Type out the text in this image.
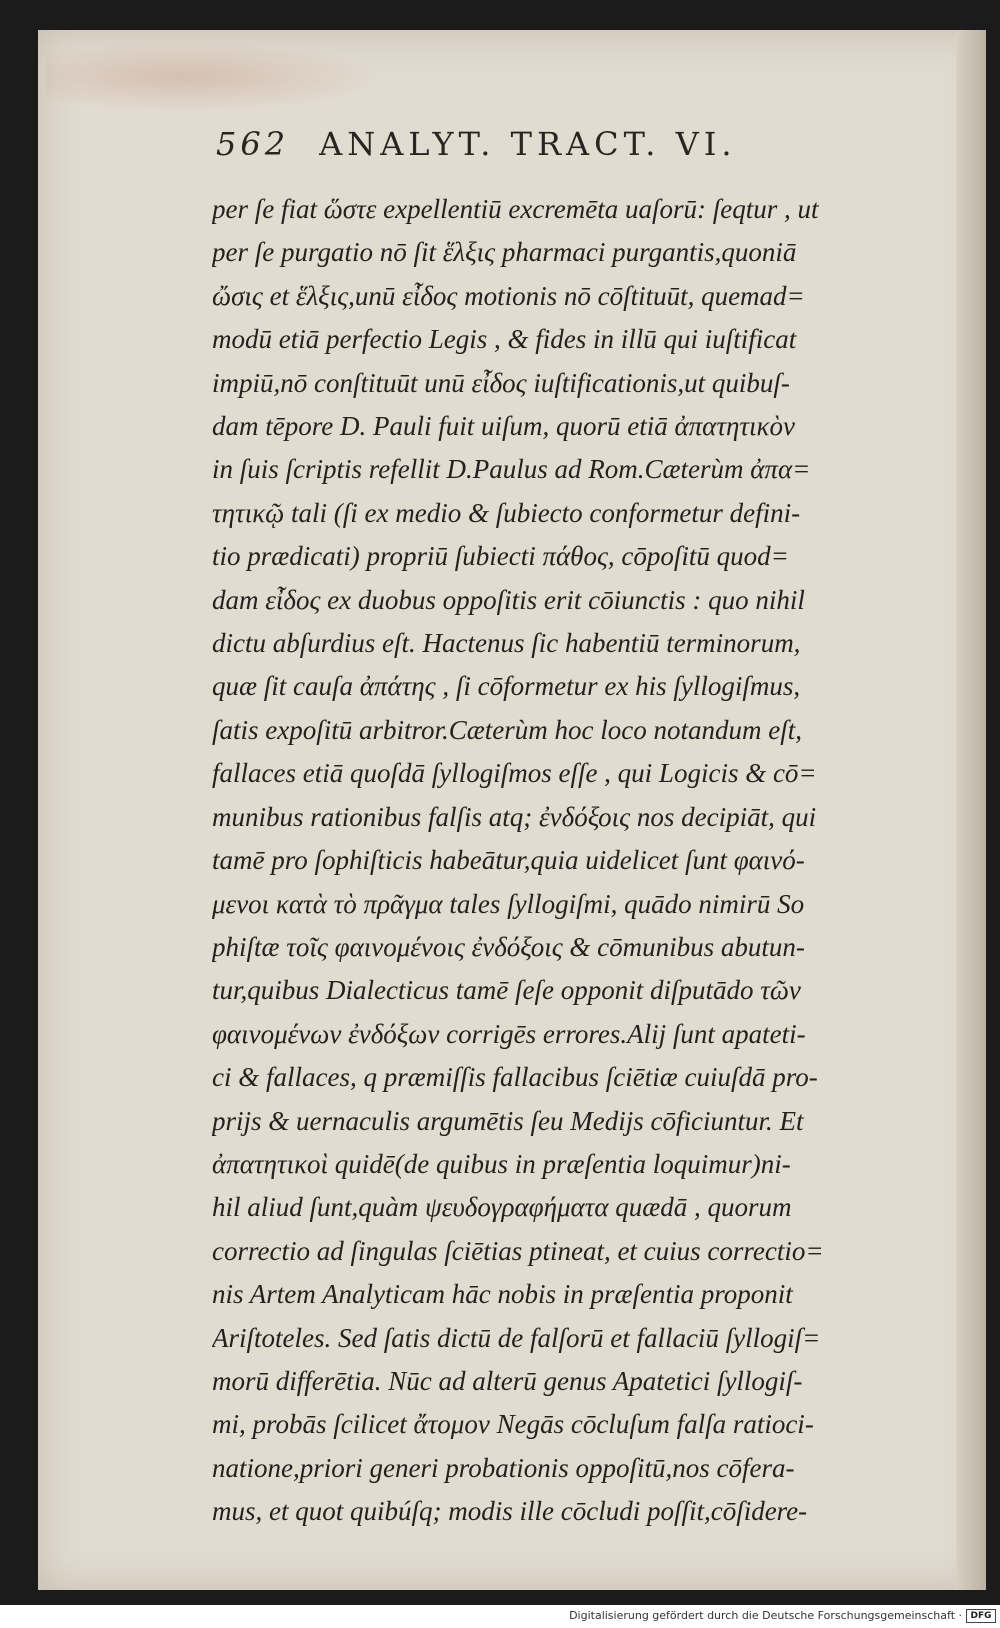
562 ANALYT. TRACT. VI.
per ſe fiat ὥστε expellentiū excremēta uaſorū: ſeqtur , ut
per ſe purgatio nō ſit ἕλξις pharmaci purgantis,quoniā
ὤσις et ἕλξις,unū εἶδος motionis nō cōſtituūt, quemad=
modū etiā perfectio Legis , & fides in illū qui iuſtificat
impiū,nō conſtituūt unū εἶδος iuſtificationis,ut quibuſ-
dam tēpore D. Pauli fuit uiſum, quorū etiā ἀπατητικὸν
in ſuis ſcriptis refellit D.Paulus ad Rom.Cæterùm ἀπα=
τητικῷ tali (ſi ex medio & ſubiecto conformetur defini-
tio prædicati) propriū ſubiecti πάθος, cōpoſitū quod=
dam εἶδος ex duobus oppoſitis erit cōiunctis : quo nihil
dictu abſurdius eſt. Hactenus ſic habentiū terminorum,
quæ ſit cauſa ἀπάτης , ſi cōformetur ex his ſyllogiſmus,
ſatis expoſitū arbitror.Cæterùm hoc loco notandum eſt,
fallaces etiā quoſdā ſyllogiſmos eſſe , qui Logicis & cō=
munibus rationibus falſis atq; ἐνδόξοις nos decipiāt, qui
tamē pro ſophiſticis habeātur,quia uidelicet ſunt φαινό-
μενοι κατὰ τὸ πρᾶγμα tales ſyllogiſmi, quādo nimirū So
phiſtæ τοῖς φαινομένοις ἐνδόξοις & cōmunibus abutun-
tur,quibus Dialecticus tamē ſeſe opponit diſputādo τῶν
φαινομένων ἐνδόξων corrigēs errores.Alij ſunt apateti-
ci & fallaces, q præmiſſis fallacibus ſciētiæ cuiuſdā pro-
prijs & uernaculis argumētis ſeu Medijs cōficiuntur. Et
ἀπατητικοὶ quidē(de quibus in præſentia loquimur)ni-
hil aliud ſunt,quàm ψευδογραφήματα quædā , quorum
correctio ad ſingulas ſciētias ptineat, et cuius correctio=
nis Artem Analyticam hāc nobis in præſentia proponit
Ariſtoteles. Sed ſatis dictū de falſorū et fallaciū ſyllogiſ=
morū differētia. Nūc ad alterū genus Apatetici ſyllogiſ-
mi, probās ſcilicet ἄτομον Negās cōcluſum falſa ratioci-
natione,priori generi probationis oppoſitū,nos cōfera-
mus, et quot quibúſq; modis ille cōcludi poſſit,cōſidere-
Digitalisierung gefördert durch die Deutsche Forschungsgemeinschaft · DFG
